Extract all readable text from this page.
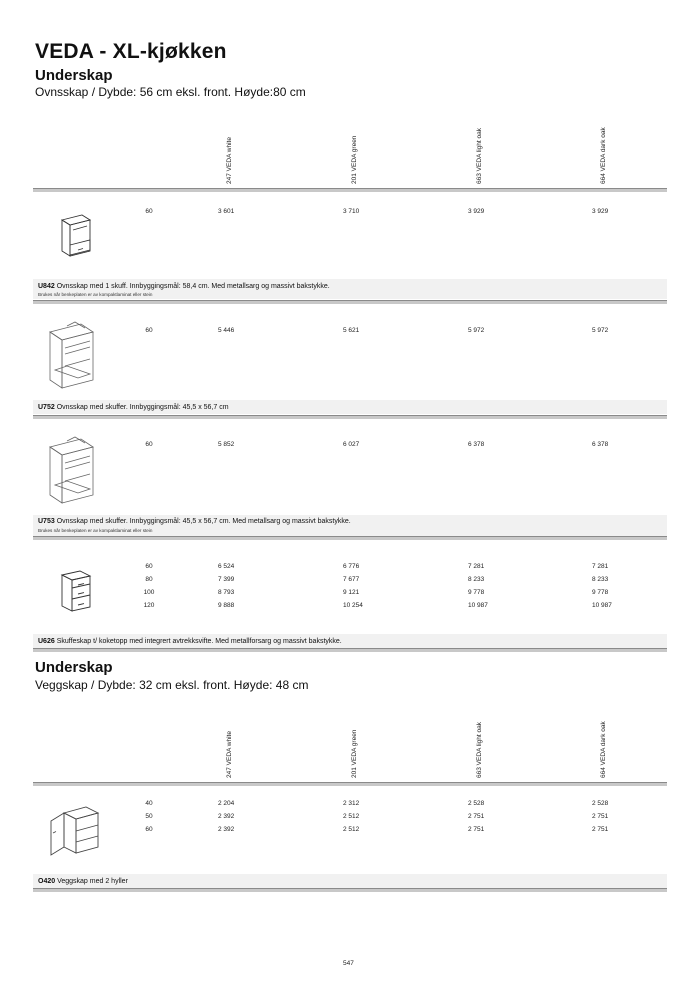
VEDA - XL-kjøkken
Underskap
Ovnsskap / Dybde: 56 cm eksl. front. Høyde:80 cm
247 VEDA white	201 VEDA green	663 VEDA light oak	664 VEDA dark oak
60	3 601	3 710	3 929	3 929
U842 Ovnsskap med 1 skuff. Innbyggingsmål: 58,4 cm. Med metallsarg og massivt bakstykke.
Brukes når benkeplaten er av kompaktlaminat eller stein
60	5 446	5 621	5 972	5 972
U752 Ovnsskap med skuffer. Innbyggingsmål: 45,5 x 56,7 cm
60	5 852	6 027	6 378	6 378
U753 Ovnsskap med skuffer. Innbyggingsmål: 45,5 x 56,7 cm. Med metallsarg og massivt bakstykke.
Brukes når benkeplaten er av kompaktlaminat eller stein
60	6 524	6 776	7 281	7 281
80	7 399	7 677	8 233	8 233
100	8 793	9 121	9 778	9 778
120	9 888	10 254	10 987	10 987
U626 Skuffeskap t/ koketopp med integrert avtrekksvifte. Med metallforsarg og massivt bakstykke.
Underskap
Veggskap / Dybde: 32 cm eksl. front. Høyde: 48 cm
247 VEDA white	201 VEDA green	663 VEDA light oak	664 VEDA dark oak
40	2 204	2 312	2 528	2 528
50	2 392	2 512	2 751	2 751
60	2 392	2 512	2 751	2 751
O420 Veggskap med 2 hyller
547
